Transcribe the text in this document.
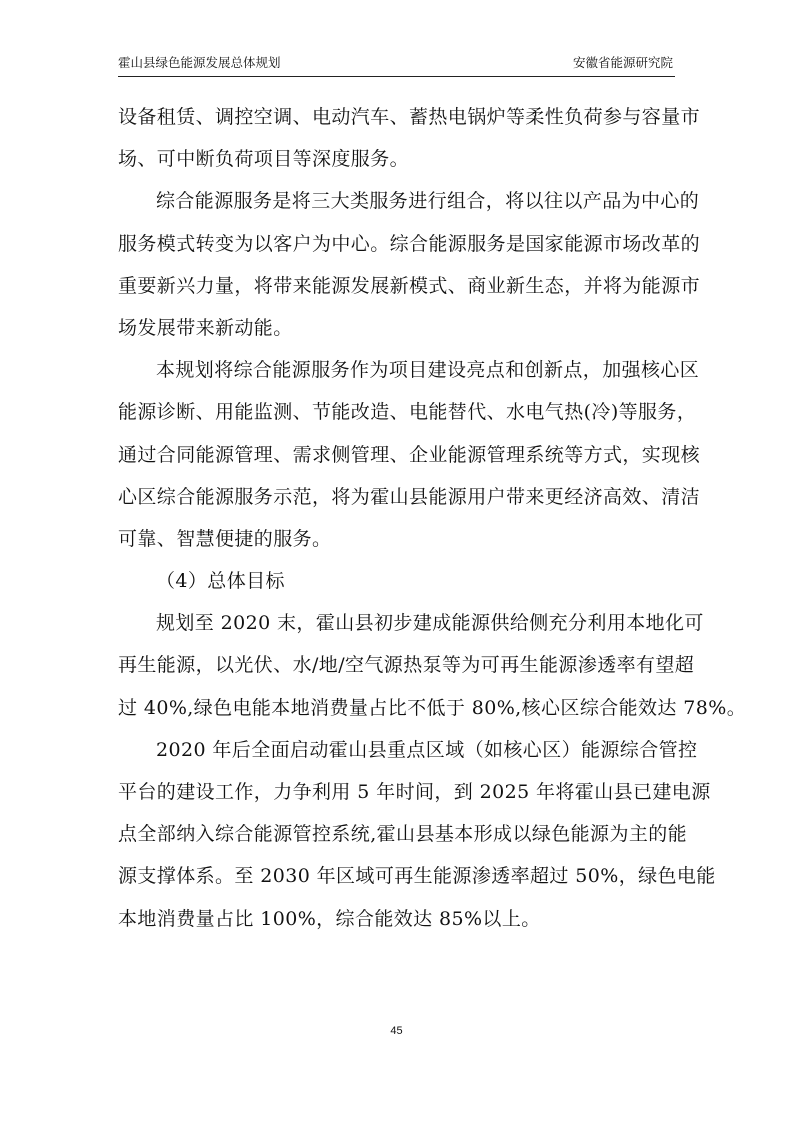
霍山县绿色能源发展总体规划	安徽省能源研究院
设备租赁、调控空调、电动汽车、蓄热电锅炉等柔性负荷参与容量市
场、可中断负荷项目等深度服务。
综合能源服务是将三大类服务进行组合，将以往以产品为中心的
服务模式转变为以客户为中心。综合能源服务是国家能源市场改革的
重要新兴力量，将带来能源发展新模式、商业新生态，并将为能源市
场发展带来新动能。
本规划将综合能源服务作为项目建设亮点和创新点，加强核心区
能源诊断、用能监测、节能改造、电能替代、水电气热(冷)等服务，
通过合同能源管理、需求侧管理、企业能源管理系统等方式，实现核
心区综合能源服务示范，将为霍山县能源用户带来更经济高效、清洁
可靠、智慧便捷的服务。
（4）总体目标
规划至 2020 末，霍山县初步建成能源供给侧充分利用本地化可
再生能源，以光伏、水/地/空气源热泵等为可再生能源渗透率有望超
过 40%,绿色电能本地消费量占比不低于 80%,核心区综合能效达 78%。
2020 年后全面启动霍山县重点区域（如核心区）能源综合管控
平台的建设工作，力争利用 5 年时间，到 2025 年将霍山县已建电源
点全部纳入综合能源管控系统,霍山县基本形成以绿色能源为主的能
源支撑体系。至 2030 年区域可再生能源渗透率超过 50%，绿色电能
本地消费量占比 100%，综合能效达 85%以上。
45
